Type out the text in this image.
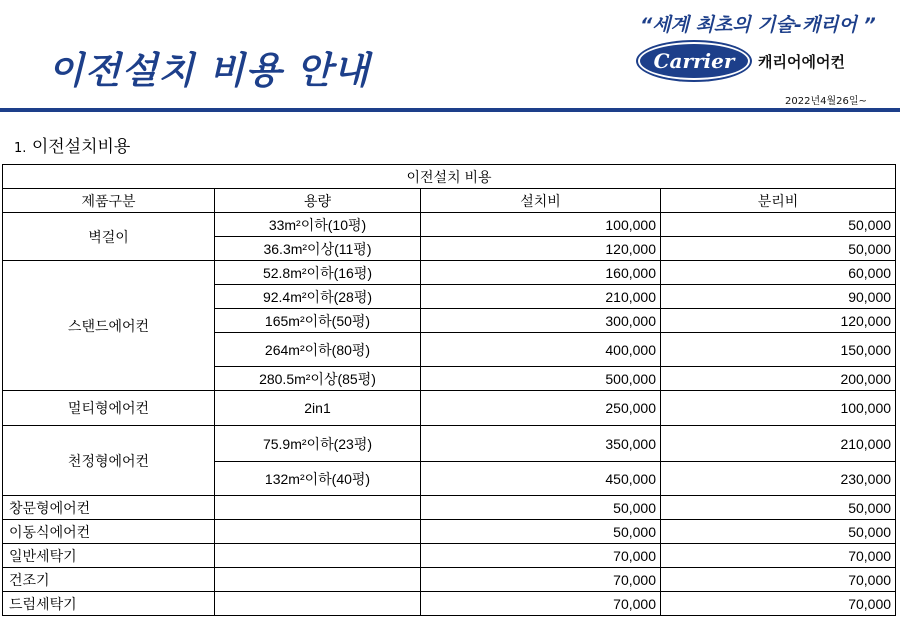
“세계 최초의 기술-캐리어 ”
이전설치 비용 안내	Carrier 캐리어에어컨
2022년4월26일~
1. 이전설치비용
이전설치 비용			
제품구분	용량	설치비	분리비
벽걸이	33m²이하(10평)	100,000	50,000
	36.3m²이상(11평)	120,000	50,000
스탠드에어컨	52.8m²이하(16평)	160,000	60,000
	92.4m²이하(28평)	210,000	90,000
	165m²이하(50평)	300,000	120,000
	264m²이하(80평)	400,000	150,000
	280.5m²이상(85평)	500,000	200,000
멀티형에어컨	2in1	250,000	100,000
천정형에어컨	75.9m²이하(23평)	350,000	210,000
	132m²이하(40평)	450,000	230,000
창문형에어컨		50,000	50,000
이동식에어컨		50,000	50,000
일반세탁기		70,000	70,000
건조기		70,000	70,000
드럼세탁기		70,000	70,000
